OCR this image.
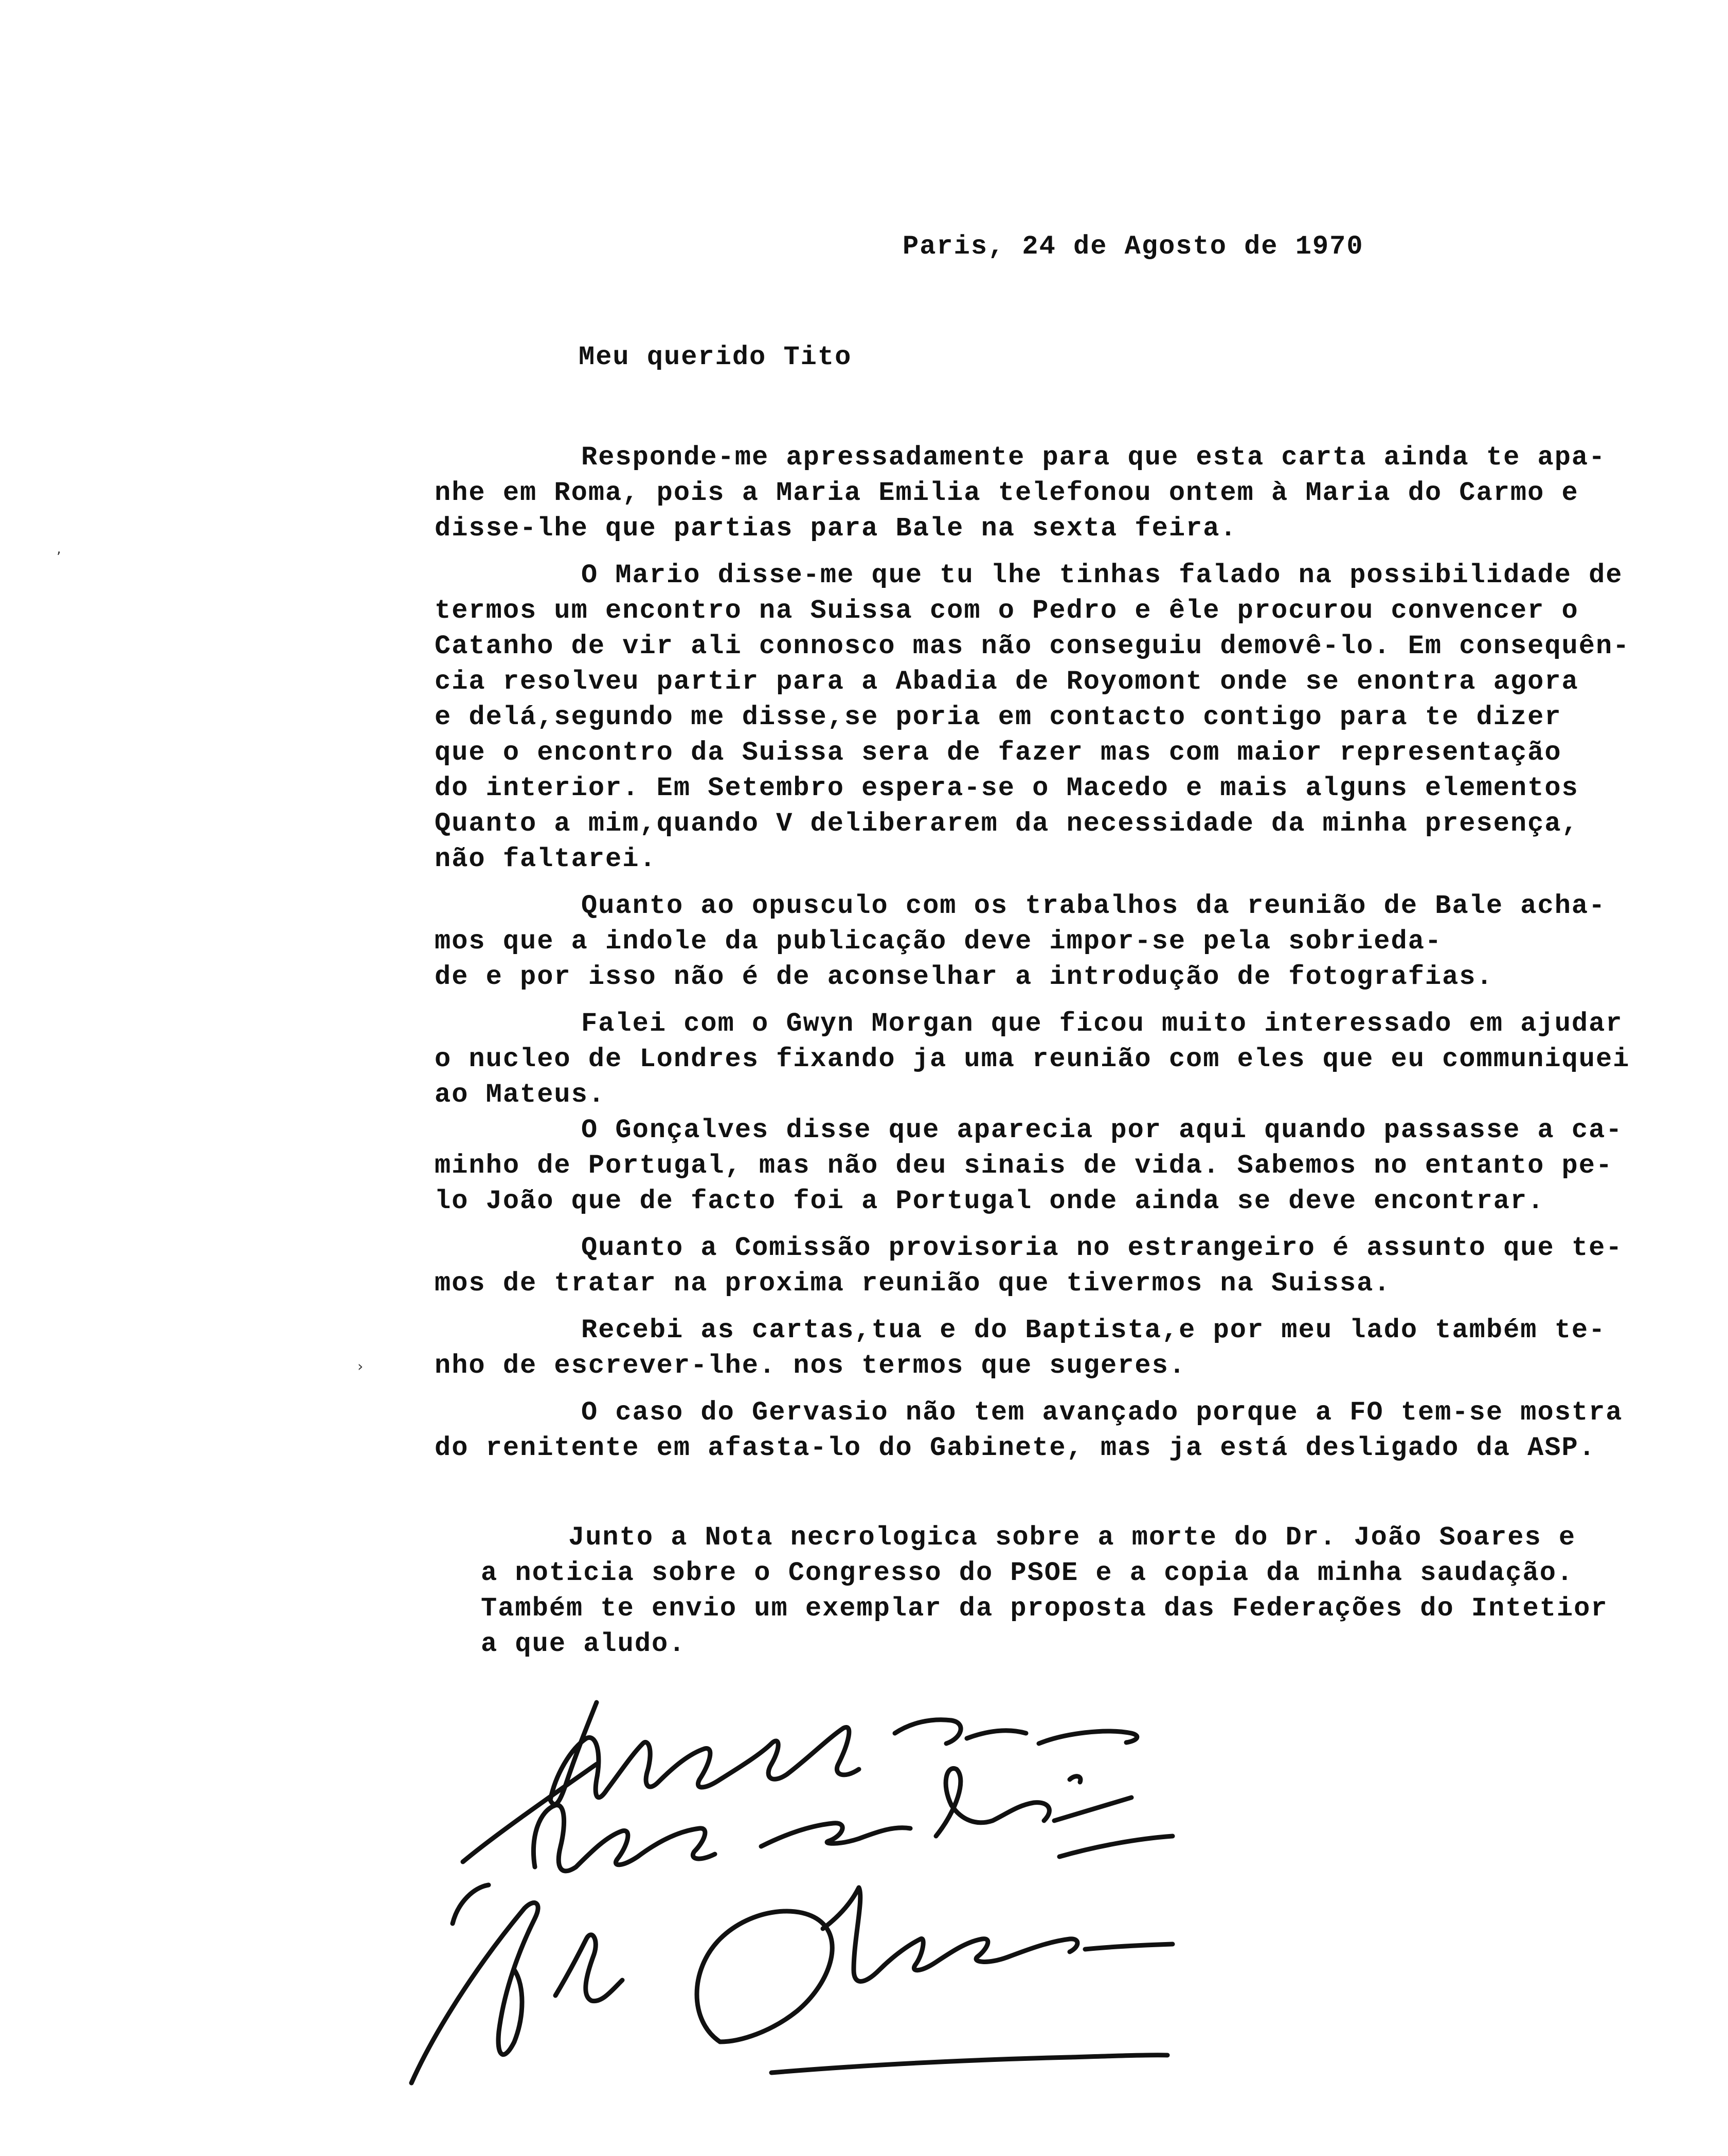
Paris, 24 de Agosto de 1970
Meu querido Tito
Responde-me apressadamente para que esta carta ainda te apa-
nhe em Roma, pois a Maria Emilia telefonou ontem à Maria do Carmo e
disse-lhe que partias para Bale na sexta feira.
O Mario disse-me que tu lhe tinhas falado na possibilidade de
termos um encontro na Suissa com o Pedro e êle procurou convencer o
Catanho de vir ali connosco mas não conseguiu demovê-lo. Em consequên-
cia resolveu partir para a Abadia de Royomont onde se enontra agora
e delá,segundo me disse,se poria em contacto contigo para te dizer
que o encontro da Suissa sera de fazer mas com maior representação
do interior. Em Setembro espera-se o Macedo e mais alguns elementos
Quanto a mim,quando V deliberarem da necessidade da minha presença,
não faltarei.
Quanto ao opusculo com os trabalhos da reunião de Bale acha-
mos que a indole da publicação deve impor-se pela sobrieda-
de e por isso não é de aconselhar a introdução de fotografias.
Falei com o Gwyn Morgan que ficou muito interessado em ajudar
o nucleo de Londres fixando ja uma reunião com eles que eu communiquei
ao Mateus.
O Gonçalves disse que aparecia por aqui quando passasse a ca-
minho de Portugal, mas não deu sinais de vida. Sabemos no entanto pe-
lo João que de facto foi a Portugal onde ainda se deve encontrar.
Quanto a Comissão provisoria no estrangeiro é assunto que te-
mos de tratar na proxima reunião que tivermos na Suissa.
Recebi as cartas,tua e do Baptista,e por meu lado também te-
nho de escrever-lhe. nos termos que sugeres.
O caso do Gervasio não tem avançado porque a FO tem-se mostra
do renitente em afasta-lo do Gabinete, mas ja está desligado da ASP.
Junto a Nota necrologica sobre a morte do Dr. João Soares e
a noticia sobre o Congresso do PSOE e a copia da minha saudação.
Também te envio um exemplar da proposta das Federações do Intetior
a que aludo.
,
›
